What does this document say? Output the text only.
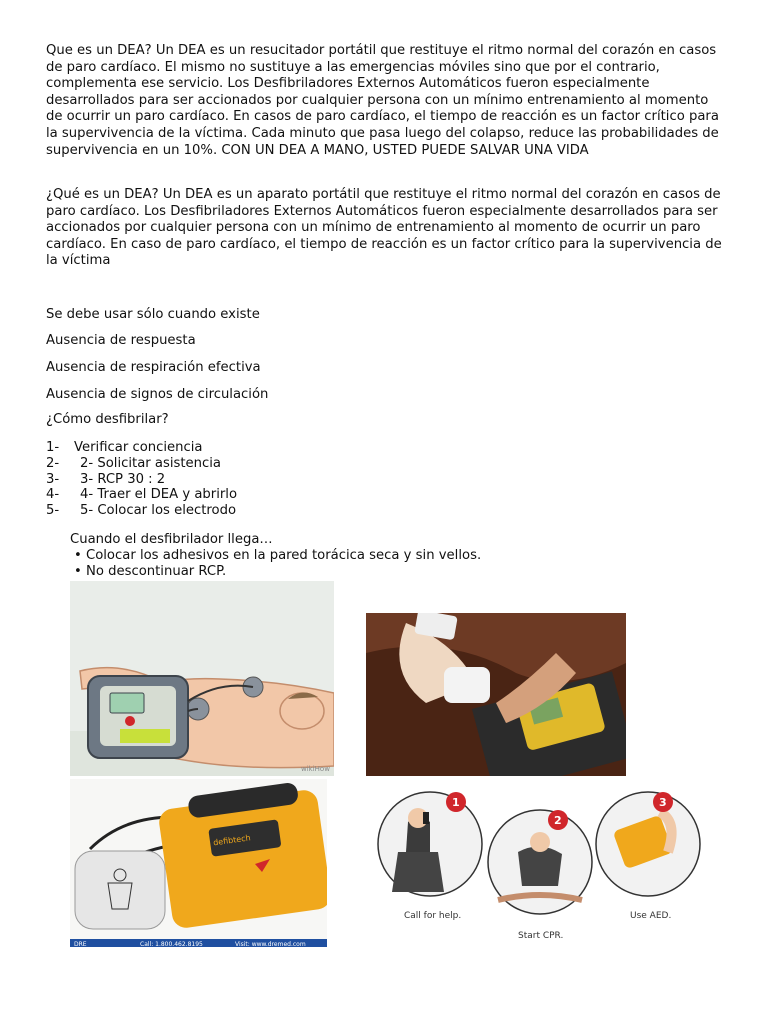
Que es un DEA? Un DEA es un resucitador portátil que restituye el ritmo normal del corazón en casos de paro cardíaco. El mismo no sustituye a las emergencias móviles sino que por el contrario, complementa ese servicio. Los Desfibriladores Externos Automáticos fueron especialmente desarrollados para ser accionados por cualquier persona con un mínimo entrenamiento al momento de ocurrir un paro cardíaco. En casos de paro cardíaco, el tiempo de reacción es un factor crítico para la supervivencia de la víctima. Cada minuto que pasa luego del colapso, reduce las probabilidades de supervivencia en un 10%. CON UN DEA A MANO, USTED PUEDE SALVAR UNA VIDA

¿Qué es un DEA? Un DEA es un aparato portátil que restituye el ritmo normal del corazón en casos de paro cardíaco. Los Desfibriladores Externos Automáticos fueron especialmente desarrollados para ser accionados por cualquier persona con un mínimo de entrenamiento al momento de ocurrir un paro cardíaco. En caso de paro cardíaco, el tiempo de reacción es un factor crítico para la supervivencia de la víctima

Se debe usar sólo cuando existe

Ausencia de respuesta

Ausencia de respiración efectiva

Ausencia de signos de circulación

¿Cómo desfibrilar?

1-	Verificar conciencia
2-	2- Solicitar asistencia
3-	3- RCP 30 : 2
4-	4- Traer el DEA y abrirlo
5-	5- Colocar los electrodo
Cuando el desfibrilador llega…
• Colocar los adhesivos en la pared torácica seca y sin vellos.
• No descontinuar RCP.
wikiHow
defibtech
DRE	Call: 1.800.462.8195	Visit: www.dremed.com
1
2
3
Call for help.
Start CPR.
Use AED.
